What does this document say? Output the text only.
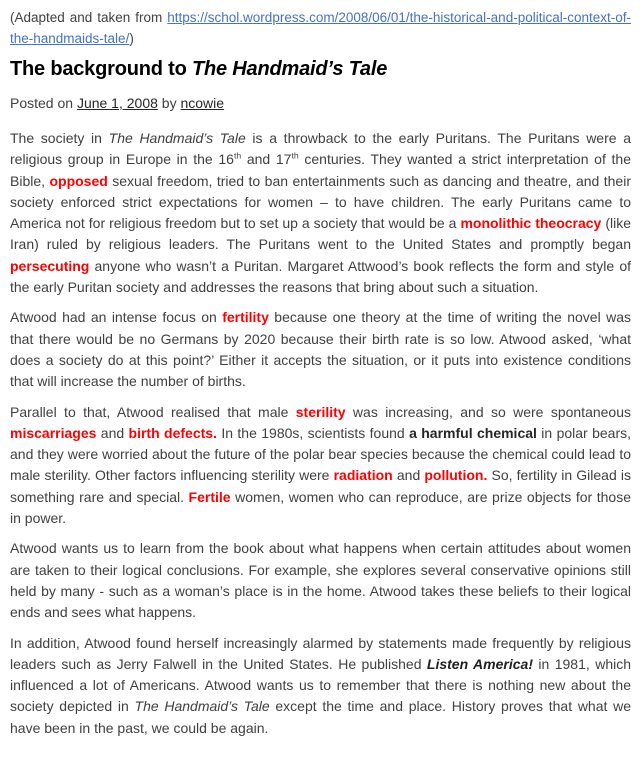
(Adapted and taken from https://schol.wordpress.com/2008/06/01/the-historical-and-political-context-of-the-handmaids-tale/)
The background to The Handmaid’s Tale
Posted on June 1, 2008 by ncowie

The society in The Handmaid’s Tale is a throwback to the early Puritans. The Puritans were a religious group in Europe in the 16th and 17th centuries. They wanted a strict interpretation of the Bible, opposed sexual freedom, tried to ban entertainments such as dancing and theatre, and their society enforced strict expectations for women – to have children. The early Puritans came to America not for religious freedom but to set up a society that would be a monolithic theocracy (like Iran) ruled by religious leaders. The Puritans went to the United States and promptly began persecuting anyone who wasn’t a Puritan. Margaret Attwood’s book reflects the form and style of the early Puritan society and addresses the reasons that bring about such a situation.

Atwood had an intense focus on fertility because one theory at the time of writing the novel was that there would be no Germans by 2020 because their birth rate is so low. Atwood asked, ‘what does a society do at this point?’ Either it accepts the situation, or it puts into existence conditions that will increase the number of births.

Parallel to that, Atwood realised that male sterility was increasing, and so were spontaneous miscarriages and birth defects. In the 1980s, scientists found a harmful chemical in polar bears, and they were worried about the future of the polar bear species because the chemical could lead to male sterility. Other factors influencing sterility were radiation and pollution. So, fertility in Gilead is something rare and special. Fertile women, women who can reproduce, are prize objects for those in power.

Atwood wants us to learn from the book about what happens when certain attitudes about women are taken to their logical conclusions. For example, she explores several conservative opinions still held by many - such as a woman’s place is in the home. Atwood takes these beliefs to their logical ends and sees what happens.

In addition, Atwood found herself increasingly alarmed by statements made frequently by religious leaders such as Jerry Falwell in the United States. He published Listen America! in 1981, which influenced a lot of Americans. Atwood wants us to remember that there is nothing new about the society depicted in The Handmaid’s Tale except the time and place. History proves that what we have been in the past, we could be again.
